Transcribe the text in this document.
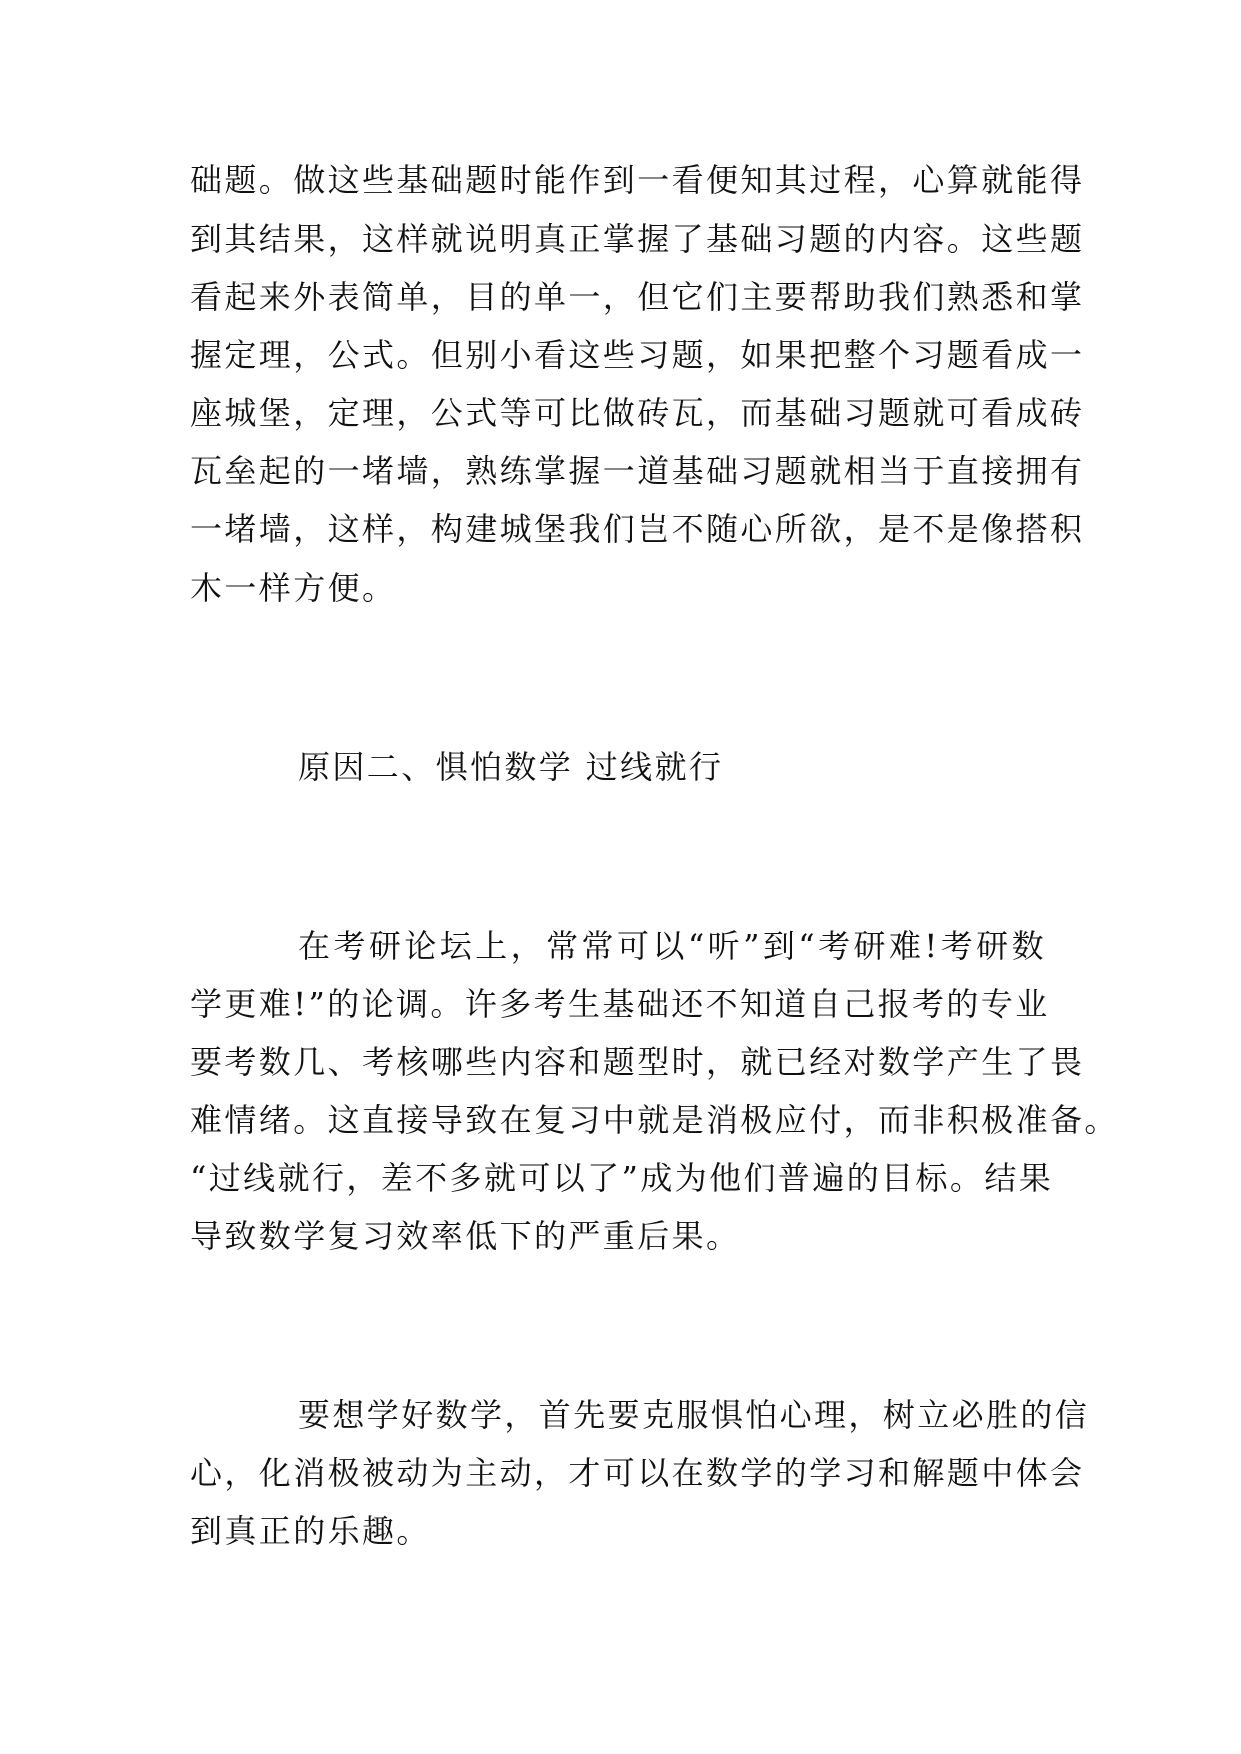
础题。做这些基础题时能作到一看便知其过程，心算就能得
到其结果，这样就说明真正掌握了基础习题的内容。这些题
看起来外表简单，目的单一，但它们主要帮助我们熟悉和掌
握定理，公式。但别小看这些习题，如果把整个习题看成一
座城堡，定理，公式等可比做砖瓦，而基础习题就可看成砖
瓦垒起的一堵墙，熟练掌握一道基础习题就相当于直接拥有
一堵墙，这样，构建城堡我们岂不随心所欲，是不是像搭积
木一样方便。
原因二、惧怕数学 过线就行
在考研论坛上，常常可以“听”到“考研难!考研数
学更难!”的论调。许多考生基础还不知道自己报考的专业
要考数几、考核哪些内容和题型时，就已经对数学产生了畏
难情绪。这直接导致在复习中就是消极应付，而非积极准备。
“过线就行，差不多就可以了”成为他们普遍的目标。结果
导致数学复习效率低下的严重后果。
要想学好数学，首先要克服惧怕心理，树立必胜的信
心，化消极被动为主动，才可以在数学的学习和解题中体会
到真正的乐趣。
